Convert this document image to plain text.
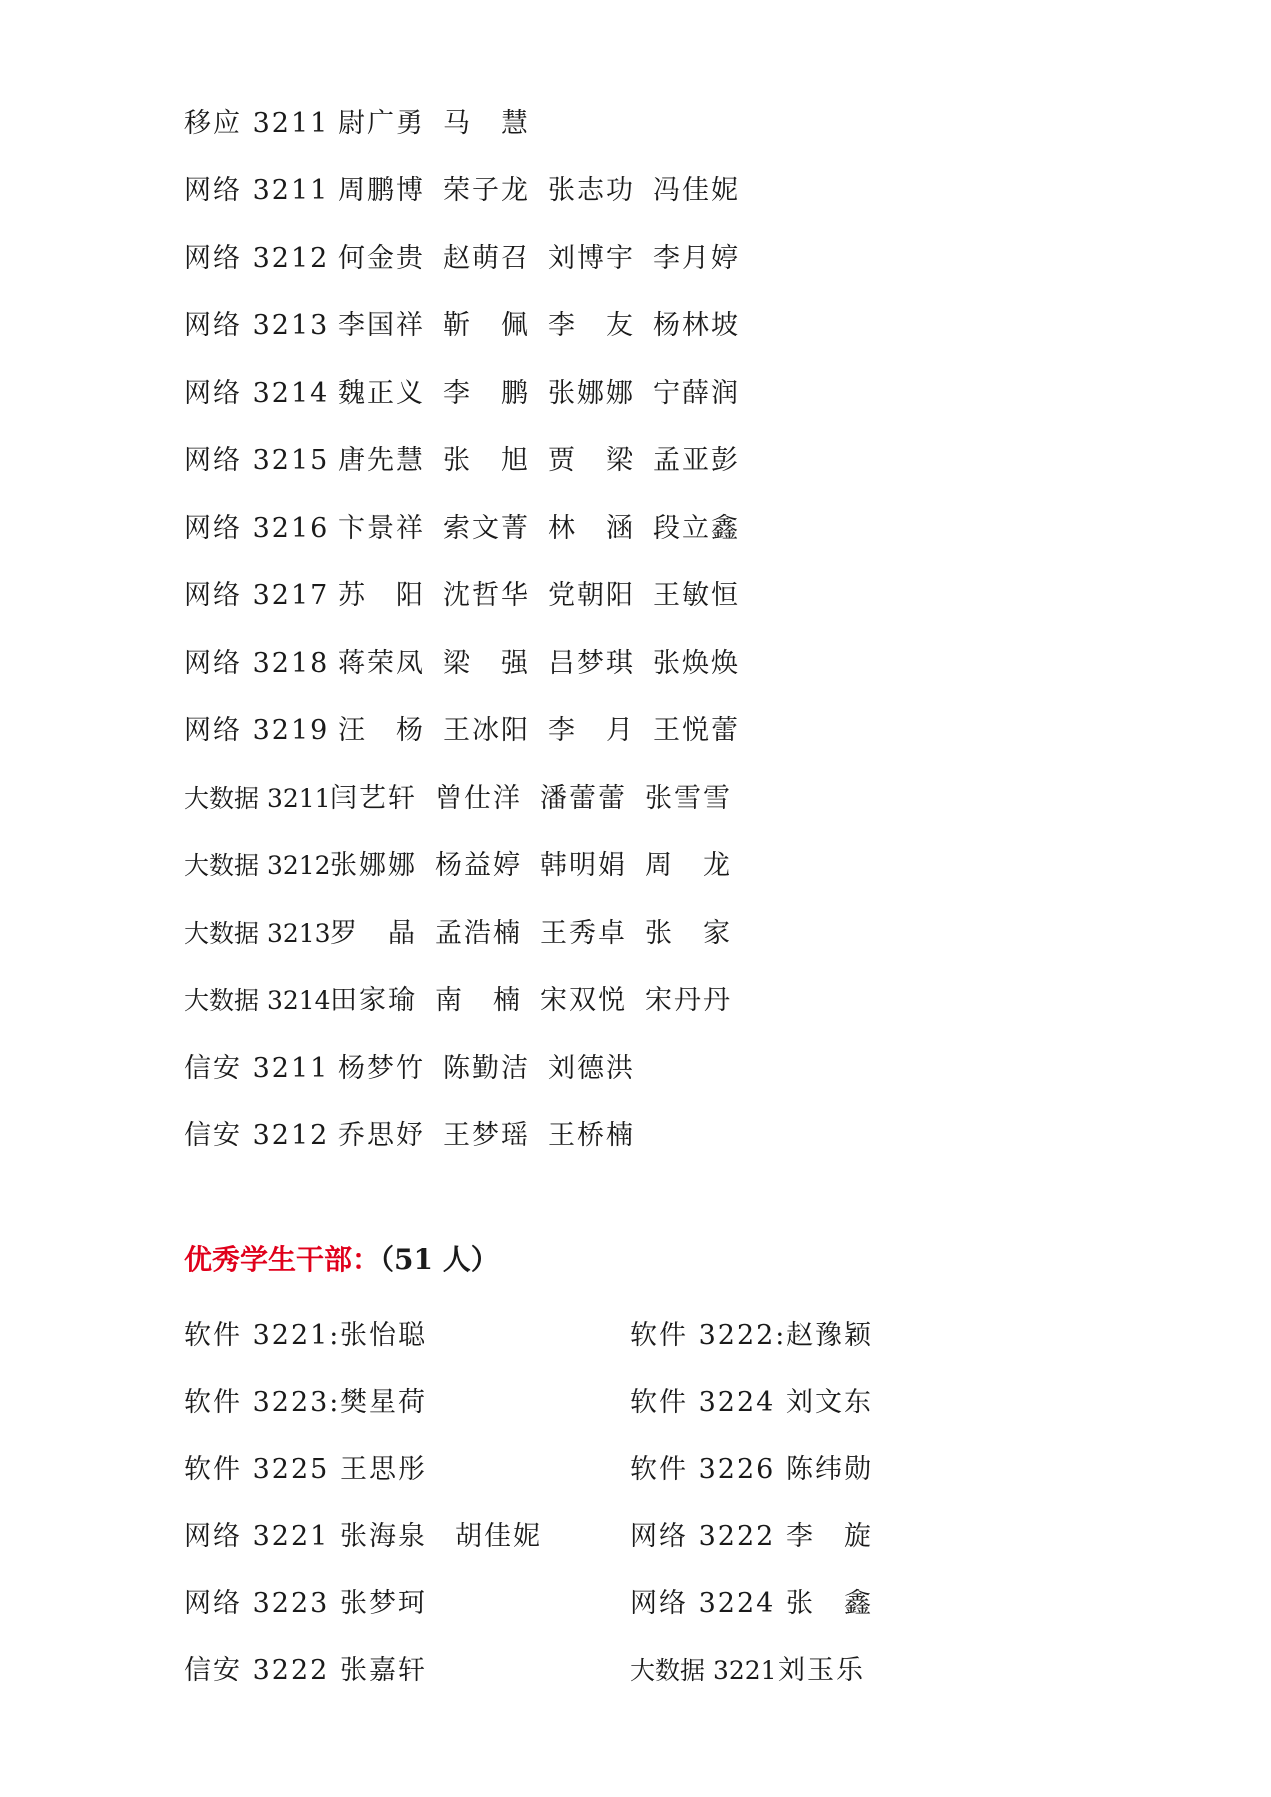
移应 3211 尉广勇 马　慧
网络 3211 周鹏博 荣子龙 张志功 冯佳妮
网络 3212 何金贵 赵萌召 刘博宇 李月婷
网络 3213 李国祥 靳　佩 李　友 杨林坡
网络 3214 魏正义 李　鹏 张娜娜 宁薛润
网络 3215 唐先慧 张　旭 贾　梁 孟亚彭
网络 3216 卞景祥 索文菁 林　涵 段立鑫
网络 3217 苏　阳 沈哲华 党朝阳 王敏恒
网络 3218 蒋荣凤 梁　强 吕梦琪 张焕焕
网络 3219 汪　杨 王冰阳 李　月 王悦蕾
大数据 3211闫艺轩 曾仕洋 潘蕾蕾 张雪雪
大数据 3212张娜娜 杨益婷 韩明娟 周　龙
大数据 3213罗　晶 孟浩楠 王秀卓 张　家
大数据 3214田家瑜 南　楠 宋双悦 宋丹丹
信安 3211 杨梦竹 陈勤洁 刘德洪
信安 3212 乔思妤 王梦瑶 王桥楠
优秀学生干部：（51 人）
软件 3221:张怡聪	软件 3222:赵豫颖
软件 3223:樊星荷	软件 3224 刘文东
软件 3225 王思彤	软件 3226 陈纬勋
网络 3221 张海泉 胡佳妮	网络 3222 李　旋
网络 3223 张梦珂	网络 3224 张　鑫
信安 3222 张嘉轩	大数据 3221刘玉乐
